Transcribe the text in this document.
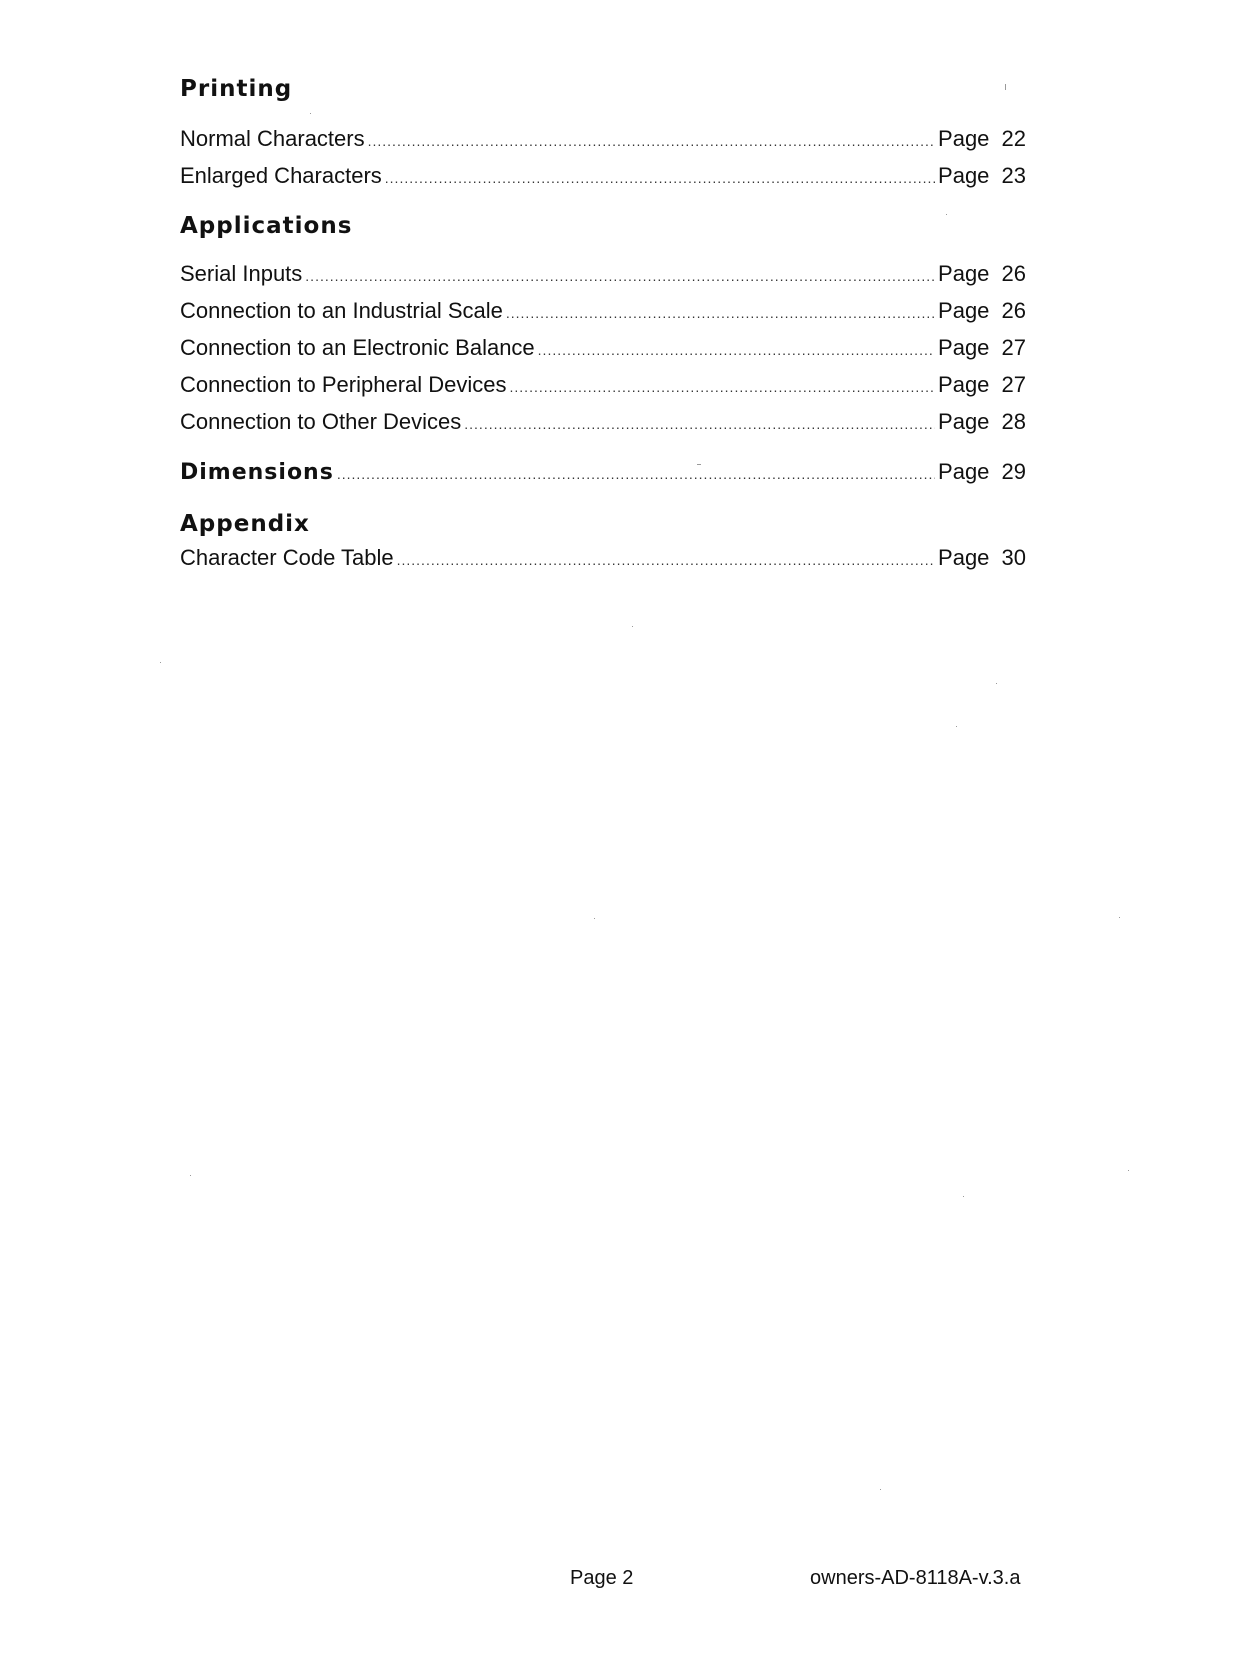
Printing
Normal Characters .....	Page 22
Enlarged Characters .....	Page 23
Applications
Serial Inputs .....	Page 26
Connection to an Industrial Scale .....	Page 26
Connection to an Electronic Balance .....	Page 27
Connection to Peripheral Devices .....	Page 27
Connection to Other Devices .....	Page 28
Dimensions .....	Page 29
Appendix
Character Code Table .....	Page 30
Page 2	owners-AD-8118A-v.3.a
